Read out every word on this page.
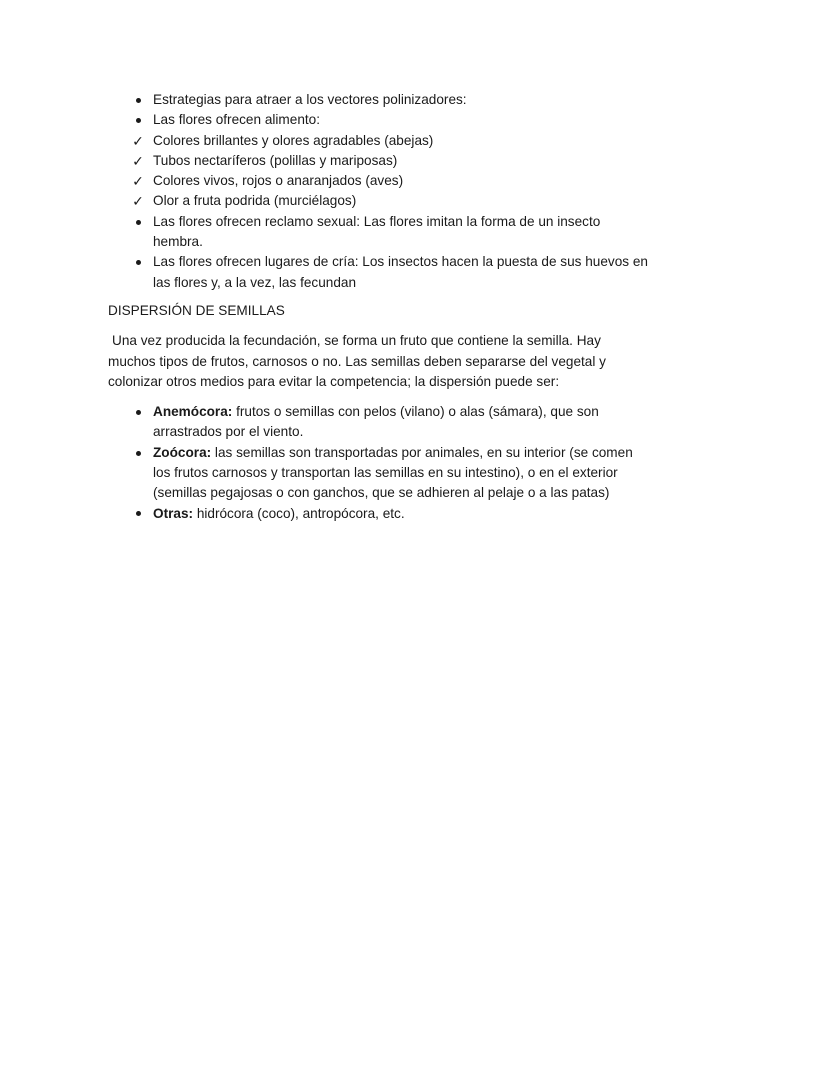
Estrategias para atraer a los vectores polinizadores:
Las flores ofrecen alimento:
✓ Colores brillantes y olores agradables (abejas)
✓ Tubos nectaríferos (polillas y mariposas)
✓ Colores vivos, rojos o anaranjados (aves)
✓ Olor a fruta podrida (murciélagos)
Las flores ofrecen reclamo sexual: Las flores imitan la forma de un insecto hembra.
Las flores ofrecen lugares de cría: Los insectos hacen la puesta de sus huevos en las flores y, a la vez, las fecundan

DISPERSIÓN DE SEMILLAS

Una vez producida la fecundación, se forma un fruto que contiene la semilla. Hay muchos tipos de frutos, carnosos o no. Las semillas deben separarse del vegetal y colonizar otros medios para evitar la competencia; la dispersión puede ser:

Anemócora: frutos o semillas con pelos (vilano) o alas (sámara), que son arrastrados por el viento.
Zoócora: las semillas son transportadas por animales, en su interior (se comen los frutos carnosos y transportan las semillas en su intestino), o en el exterior (semillas pegajosas o con ganchos, que se adhieren al pelaje o a las patas)
Otras: hidrócora (coco), antropócora, etc.
